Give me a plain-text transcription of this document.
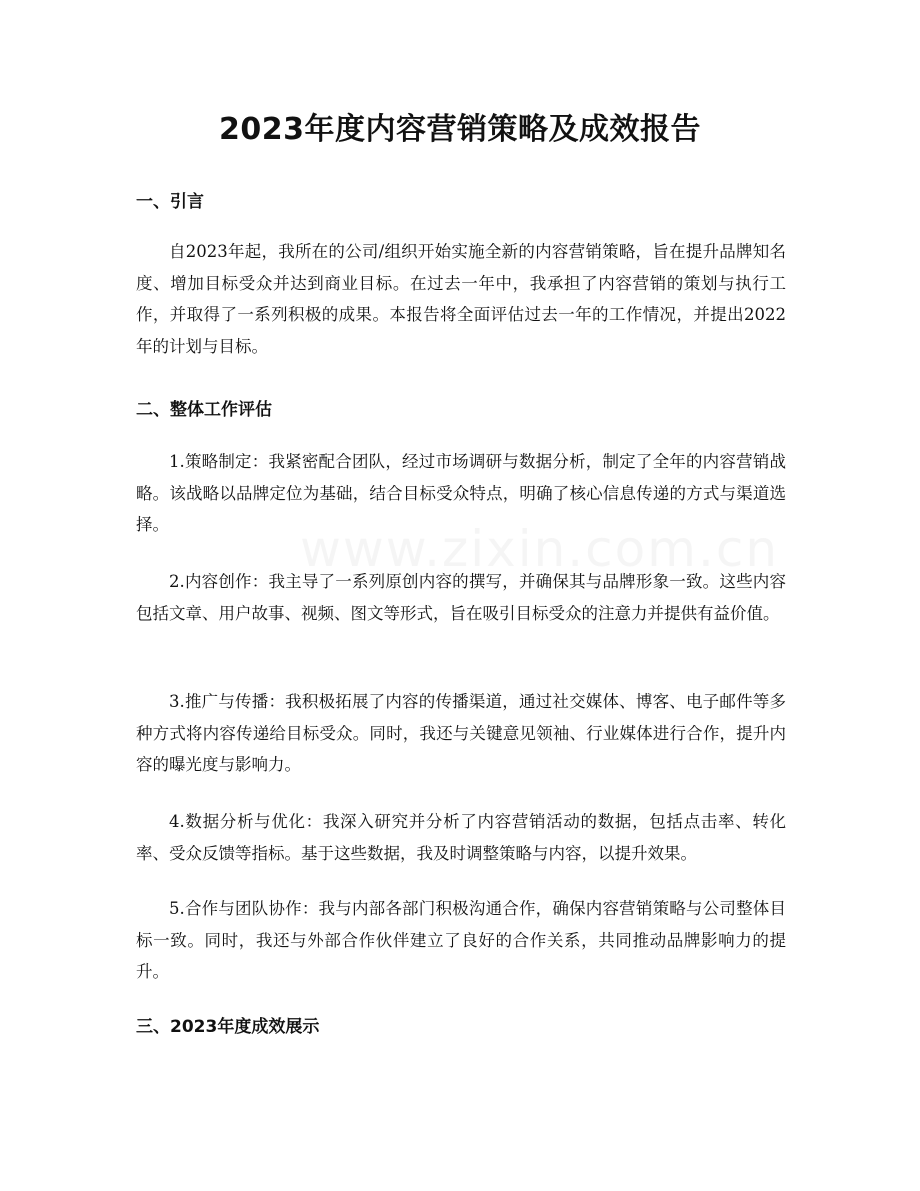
www.zixin.com.cn
2023年度内容营销策略及成效报告
一、引言

自2023年起，我所在的公司/组织开始实施全新的内容营销策略，旨在提升品牌知名度、增加目标受众并达到商业目标。在过去一年中，我承担了内容营销的策划与执行工作，并取得了一系列积极的成果。本报告将全面评估过去一年的工作情况，并提出2022年的计划与目标。

二、整体工作评估

1.策略制定：我紧密配合团队，经过市场调研与数据分析，制定了全年的内容营销战略。该战略以品牌定位为基础，结合目标受众特点，明确了核心信息传递的方式与渠道选择。

2.内容创作：我主导了一系列原创内容的撰写，并确保其与品牌形象一致。这些内容包括文章、用户故事、视频、图文等形式，旨在吸引目标受众的注意力并提供有益价值。

3.推广与传播：我积极拓展了内容的传播渠道，通过社交媒体、博客、电子邮件等多种方式将内容传递给目标受众。同时，我还与关键意见领袖、行业媒体进行合作，提升内容的曝光度与影响力。

4.数据分析与优化：我深入研究并分析了内容营销活动的数据，包括点击率、转化率、受众反馈等指标。基于这些数据，我及时调整策略与内容，以提升效果。

5.合作与团队协作：我与内部各部门积极沟通合作，确保内容营销策略与公司整体目标一致。同时，我还与外部合作伙伴建立了良好的合作关系，共同推动品牌影响力的提升。

三、2023年度成效展示
